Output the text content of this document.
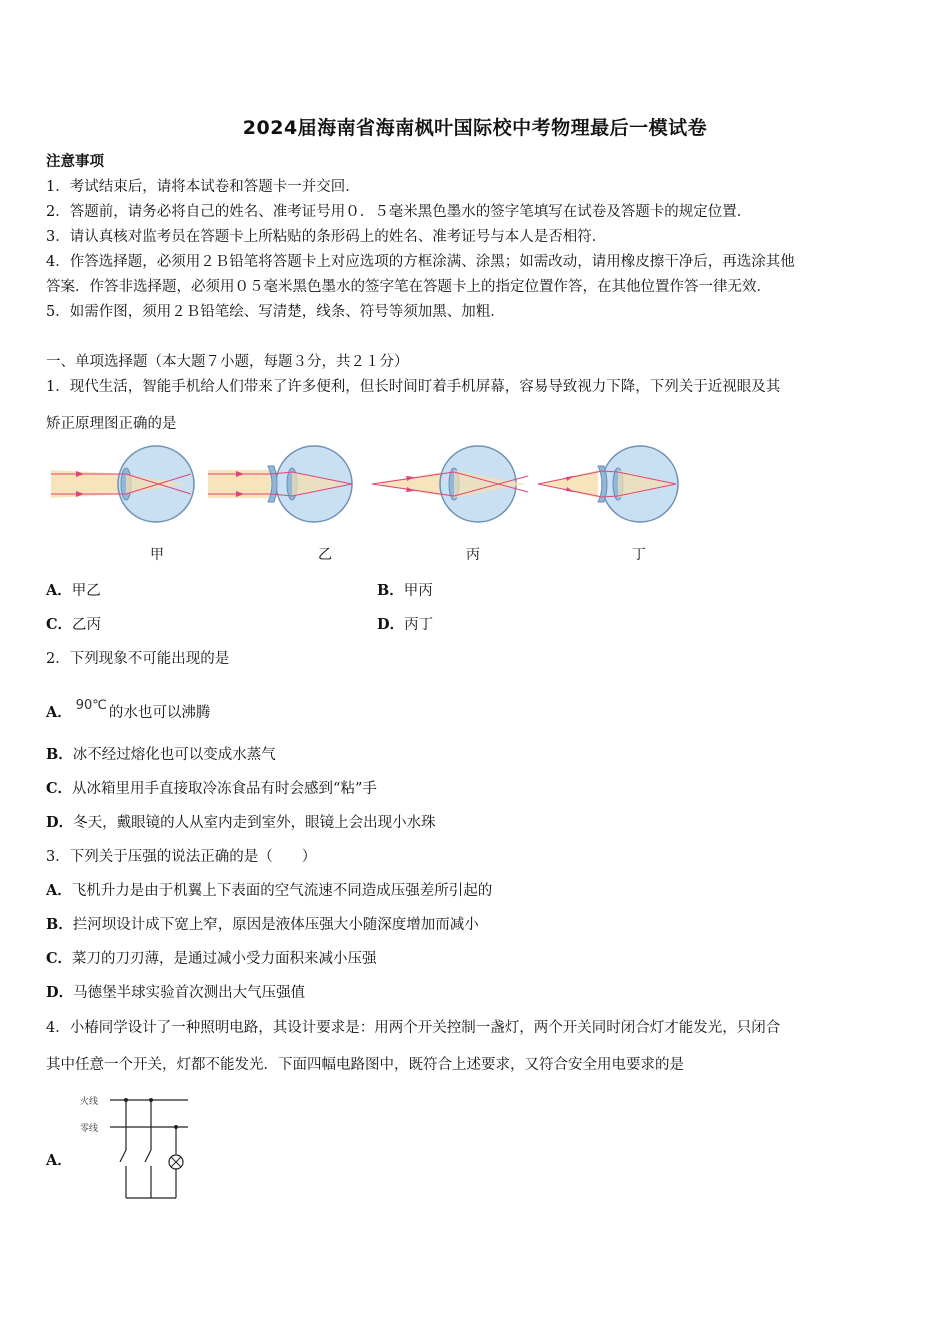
2024届海南省海南枫叶国际校中考物理最后一模试卷
注意事项
1．考试结束后，请将本试卷和答题卡一并交回．
2．答题前，请务必将自己的姓名、准考证号用０．５毫米黑色墨水的签字笔填写在试卷及答题卡的规定位置．
3．请认真核对监考员在答题卡上所粘贴的条形码上的姓名、准考证号与本人是否相符．
4．作答选择题，必须用２Ｂ铅笔将答题卡上对应选项的方框涂满、涂黑；如需改动，请用橡皮擦干净后，再选涂其他
答案．作答非选择题，必须用０５毫米黑色墨水的签字笔在答题卡上的指定位置作答，在其他位置作答一律无效．
5．如需作图，须用２Ｂ铅笔绘、写清楚，线条、符号等须加黑、加粗．
一、单项选择题（本大题７小题，每题３分，共２１分）
1．现代生活，智能手机给人们带来了许多便利，但长时间盯着手机屏幕，容易导致视力下降，下列关于近视眼及其
矫正原理图正确的是
甲	乙	丙	丁
A．甲乙	B．甲丙
C．乙丙	D．丙丁
2．下列现象不可能出现的是
A． 90℃ 的水也可以沸腾
B．冰不经过熔化也可以变成水蒸气
C．从冰箱里用手直接取冷冻食品有时会感到“粘”手
D．冬天，戴眼镜的人从室内走到室外，眼镜上会出现小水珠
3．下列关于压强的说法正确的是（　　）
A．飞机升力是由于机翼上下表面的空气流速不同造成压强差所引起的
B．拦河坝设计成下宽上窄，原因是液体压强大小随深度增加而减小
C．菜刀的刀刃薄，是通过减小受力面积来减小压强
D．马德堡半球实验首次测出大气压强值
4．小椿同学设计了一种照明电路，其设计要求是：用两个开关控制一盏灯，两个开关同时闭合灯才能发光，只闭合
其中任意一个开关，灯都不能发光．下面四幅电路图中，既符合上述要求，又符合安全用电要求的是
A．
火线
零线
